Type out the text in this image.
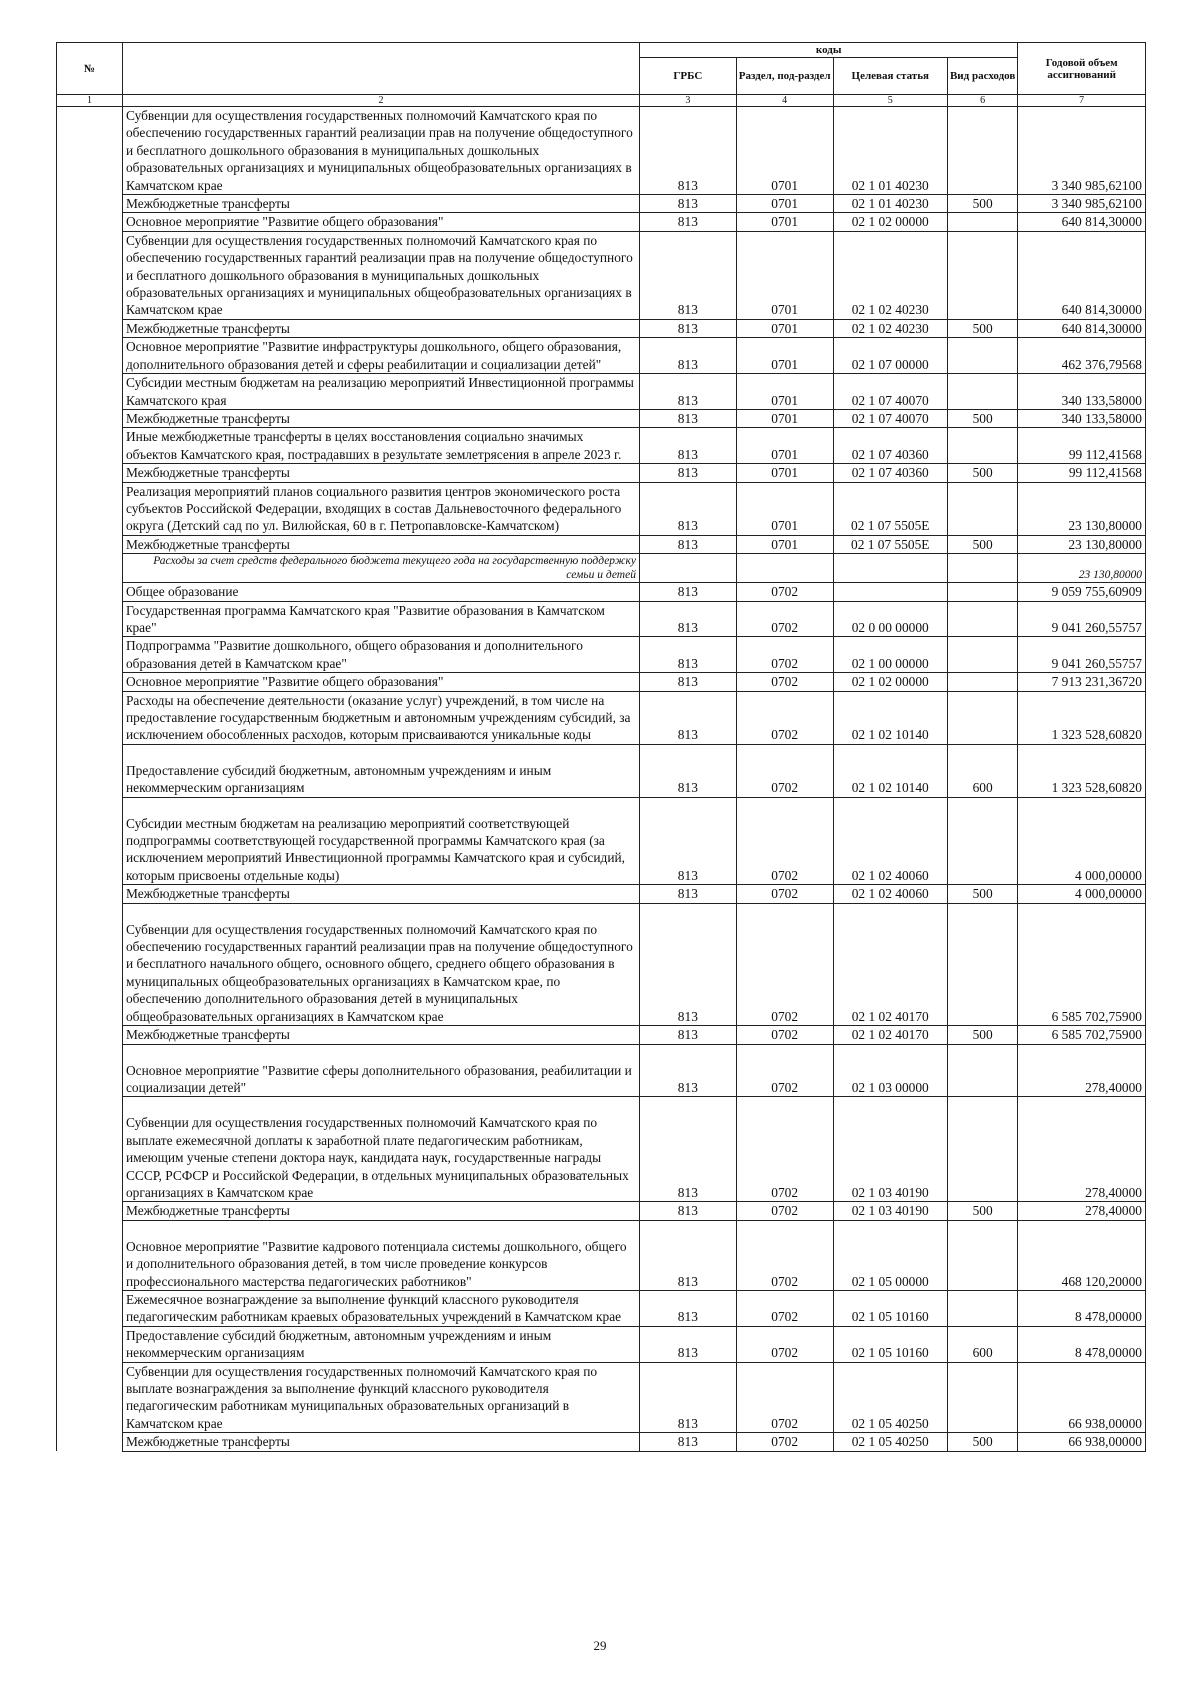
№		коды				Годовой объем ассигнований
		ГРБС	Раздел, под-раздел	Целевая статья	Вид расходов	
1	2	3	4	5	6	7
	Субвенции для осуществления государственных полномочий Камчатского края по обеспечению государственных гарантий реализации прав на получение общедоступного и бесплатного дошкольного образования в муниципальных дошкольных образовательных организациях и муниципальных общеобразовательных организациях в Камчатском крае	813	0701	02 1 01 40230		3 340 985,62100
	Межбюджетные трансферты	813	0701	02 1 01 40230	500	3 340 985,62100
	Основное мероприятие "Развитие общего образования"	813	0701	02 1 02 00000		640 814,30000
	Субвенции для осуществления государственных полномочий Камчатского края по обеспечению государственных гарантий реализации прав на получение общедоступного и бесплатного дошкольного образования в муниципальных дошкольных образовательных организациях и муниципальных общеобразовательных организациях в Камчатском крае	813	0701	02 1 02 40230		640 814,30000
	Межбюджетные трансферты	813	0701	02 1 02 40230	500	640 814,30000
	Основное мероприятие "Развитие инфраструктуры дошкольного, общего образования, дополнительного образования детей и сферы реабилитации и социализации детей"	813	0701	02 1 07 00000		462 376,79568
	Субсидии местным бюджетам на реализацию мероприятий Инвестиционной программы Камчатского края	813	0701	02 1 07 40070		340 133,58000
	Межбюджетные трансферты	813	0701	02 1 07 40070	500	340 133,58000
	Иные межбюджетные трансферты в целях восстановления социально значимых объектов Камчатского края, пострадавших в результате землетрясения в апреле 2023 г.	813	0701	02 1 07 40360		99 112,41568
	Межбюджетные трансферты	813	0701	02 1 07 40360	500	99 112,41568
	Реализация мероприятий планов социального развития центров экономического роста субъектов Российской Федерации, входящих в состав Дальневосточного федерального округа (Детский сад по ул. Вилюйская, 60 в г. Петропавловске-Камчатском)	813	0701	02 1 07 5505Е		23 130,80000
	Межбюджетные трансферты	813	0701	02 1 07 5505Е	500	23 130,80000
	Расходы за счет средств федерального бюджета текущего года на государственную поддержку семьи и детей					23 130,80000
	Общее образование	813	0702			9 059 755,60909
	Государственная программа Камчатского края "Развитие образования в Камчатском крае"	813	0702	02 0 00 00000		9 041 260,55757
	Подпрограмма "Развитие дошкольного, общего образования и дополнительного образования детей в Камчатском крае"	813	0702	02 1 00 00000		9 041 260,55757
	Основное мероприятие "Развитие общего образования"	813	0702	02 1 02 00000		7 913 231,36720
	Расходы на обеспечение деятельности (оказание услуг) учреждений, в том числе на предоставление государственным бюджетным и автономным учреждениям субсидий, за исключением обособленных расходов, которым присваиваются уникальные коды	813	0702	02 1 02 10140		1 323 528,60820
	Предоставление субсидий бюджетным, автономным учреждениям и иным некоммерческим организациям	813	0702	02 1 02 10140	600	1 323 528,60820
	Субсидии местным бюджетам на реализацию мероприятий соответствующей подпрограммы соответствующей государственной программы Камчатского края (за исключением мероприятий Инвестиционной программы Камчатского края и субсидий, которым присвоены отдельные коды)	813	0702	02 1 02 40060		4 000,00000
	Межбюджетные трансферты	813	0702	02 1 02 40060	500	4 000,00000
	Субвенции для осуществления государственных полномочий Камчатского края по обеспечению государственных гарантий реализации прав на получение общедоступного и бесплатного начального общего, основного общего, среднего общего образования в муниципальных общеобразовательных организациях в Камчатском крае, по обеспечению дополнительного образования детей в муниципальных общеобразовательных организациях в Камчатском крае	813	0702	02 1 02 40170		6 585 702,75900
	Межбюджетные трансферты	813	0702	02 1 02 40170	500	6 585 702,75900
	Основное мероприятие "Развитие сферы дополнительного образования, реабилитации и социализации детей"	813	0702	02 1 03 00000		278,40000
	Субвенции для осуществления государственных полномочий Камчатского края по выплате ежемесячной доплаты к заработной плате педагогическим работникам, имеющим ученые степени доктора наук, кандидата наук, государственные награды СССР, РСФСР и Российской Федерации, в отдельных муниципальных образовательных организациях в Камчатском крае	813	0702	02 1 03 40190		278,40000
	Межбюджетные трансферты	813	0702	02 1 03 40190	500	278,40000
	Основное мероприятие "Развитие кадрового потенциала системы дошкольного, общего и дополнительного образования детей, в том числе проведение конкурсов профессионального мастерства педагогических работников"	813	0702	02 1 05 00000		468 120,20000
	Ежемесячное вознаграждение за выполнение функций классного руководителя педагогическим работникам краевых образовательных учреждений в Камчатском крае	813	0702	02 1 05 10160		8 478,00000
	Предоставление субсидий бюджетным, автономным учреждениям и иным некоммерческим организациям	813	0702	02 1 05 10160	600	8 478,00000
	Субвенции для осуществления государственных полномочий Камчатского края по выплате вознаграждения за выполнение функций классного руководителя педагогическим работникам муниципальных образовательных организаций в Камчатском крае	813	0702	02 1 05 40250		66 938,00000
	Межбюджетные трансферты	813	0702	02 1 05 40250	500	66 938,00000
29
